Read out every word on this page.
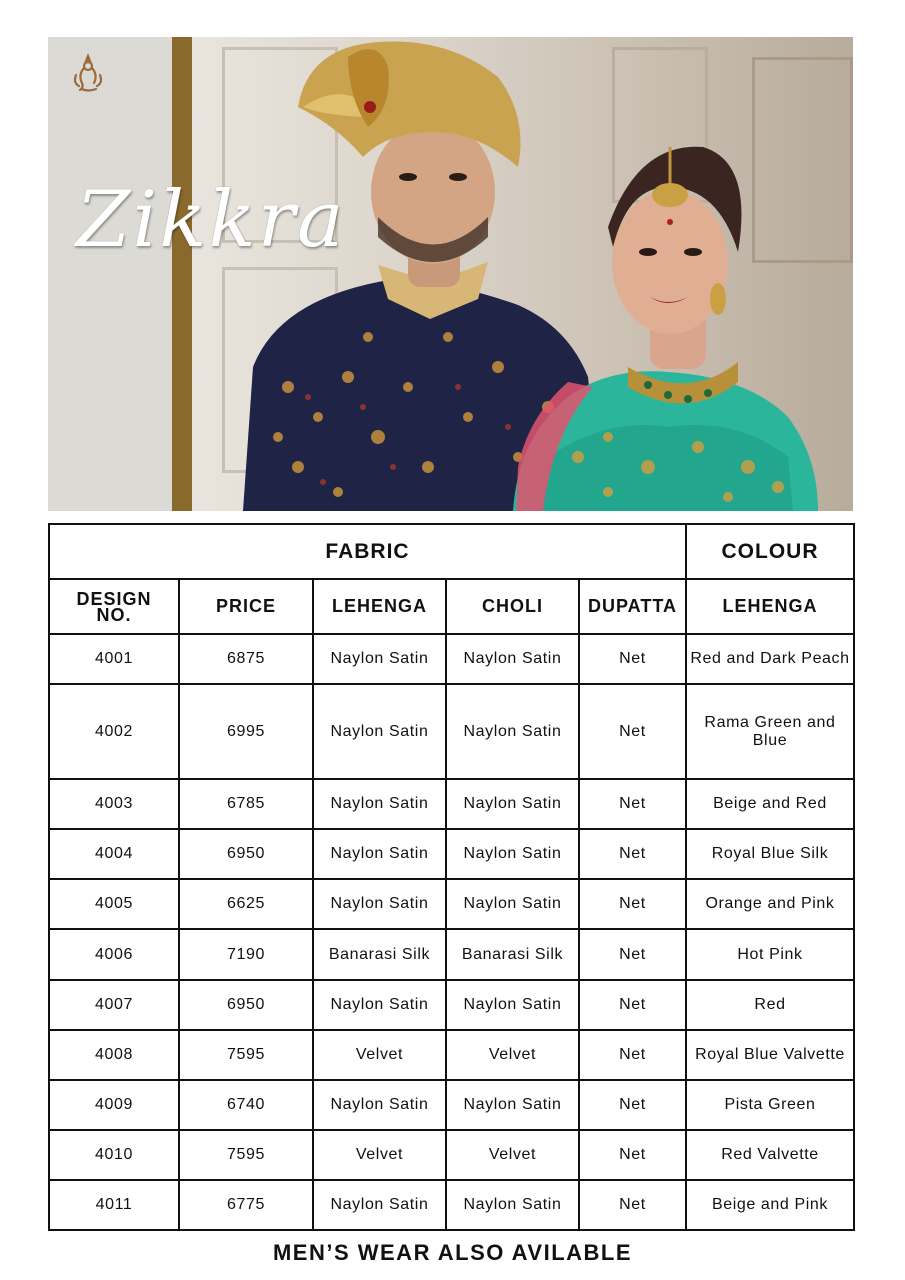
Zikkra
FABRIC					COLOUR

DESIGN
NO.	PRICE	LEHENGA	CHOLI	DUPATTA	LEHENGA
4001	6875	Naylon Satin	Naylon Satin	Net	Red and Dark Peach
4002	6995	Naylon Satin	Naylon Satin	Net	Rama Green and Blue
4003	6785	Naylon Satin	Naylon Satin	Net	Beige and Red
4004	6950	Naylon Satin	Naylon Satin	Net	Royal Blue Silk
4005	6625	Naylon Satin	Naylon Satin	Net	Orange and Pink
4006	7190	Banarasi Silk	Banarasi Silk	Net	Hot Pink
4007	6950	Naylon Satin	Naylon Satin	Net	Red
4008	7595	Velvet	Velvet	Net	Royal Blue Valvette
4009	6740	Naylon Satin	Naylon Satin	Net	Pista Green
4010	7595	Velvet	Velvet	Net	Red Valvette
4011	6775	Naylon Satin	Naylon Satin	Net	Beige and Pink
MEN’S WEAR ALSO AVILABLE
